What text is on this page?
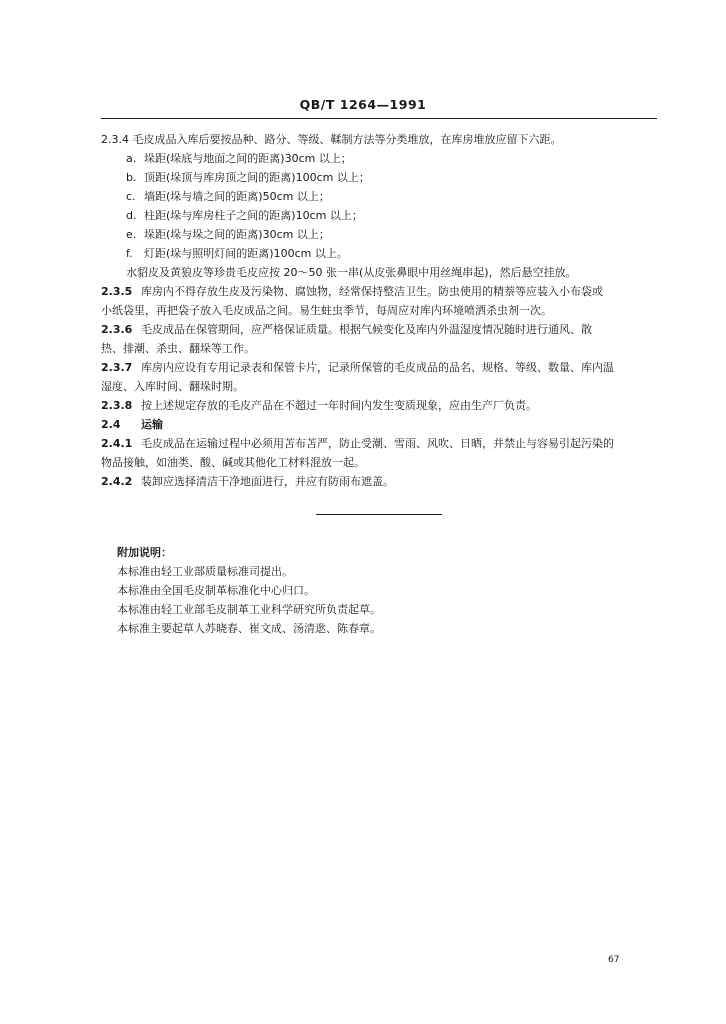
QB/T 1264—1991
2.3.4 毛皮成品入库后要按品种、路分、等级、鞣制方法等分类堆放，在库房堆放应留下六距。
a. 垛距(垛底与地面之间的距离)30cm 以上；
b. 顶距(垛顶与库房顶之间的距离)100cm 以上；
c. 墙距(垛与墙之间的距离)50cm 以上；
d. 柱距(垛与库房柱子之间的距离)10cm 以上；
e. 垛距(垛与垛之间的距离)30cm 以上；
f. 灯距(垛与照明灯间的距离)100cm 以上。
水貂皮及黄狼皮等珍贵毛皮应按 20～50 张一串(从皮张鼻眼中用丝绳串起)，然后悬空挂放。
2.3.5 库房内不得存放生皮及污染物、腐蚀物，经常保持整洁卫生。防虫使用的精萘等应装入小布袋或
小纸袋里，再把袋子放入毛皮成品之间。易生蛀虫季节，每周应对库内环境喷洒杀虫剂一次。
2.3.6 毛皮成品在保管期间，应严格保证质量。根据气候变化及库内外温湿度情况随时进行通风、散
热、排潮、杀虫、翻垛等工作。
2.3.7 库房内应设有专用记录表和保管卡片，记录所保管的毛皮成品的品名、规格、等级、数量、库内温
湿度、入库时间、翻垛时期。
2.3.8 按上述规定存放的毛皮产品在不超过一年时间内发生变质现象，应由生产厂负责。
2.4 运输
2.4.1 毛皮成品在运输过程中必须用苫布苫严，防止受潮、雪雨、风吹、日晒，并禁止与容易引起污染的
物品接触，如油类、酸、碱或其他化工材料混放一起。
2.4.2 装卸应选择清洁干净地面进行，并应有防雨布遮盖。
附加说明：
本标准由轻工业部质量标准司提出。
本标准由全国毛皮制革标准化中心归口。
本标准由轻工业部毛皮制革工业科学研究所负责起草。
本标准主要起草人苏晓春、崔文成、汤清逖、陈春章。
67
